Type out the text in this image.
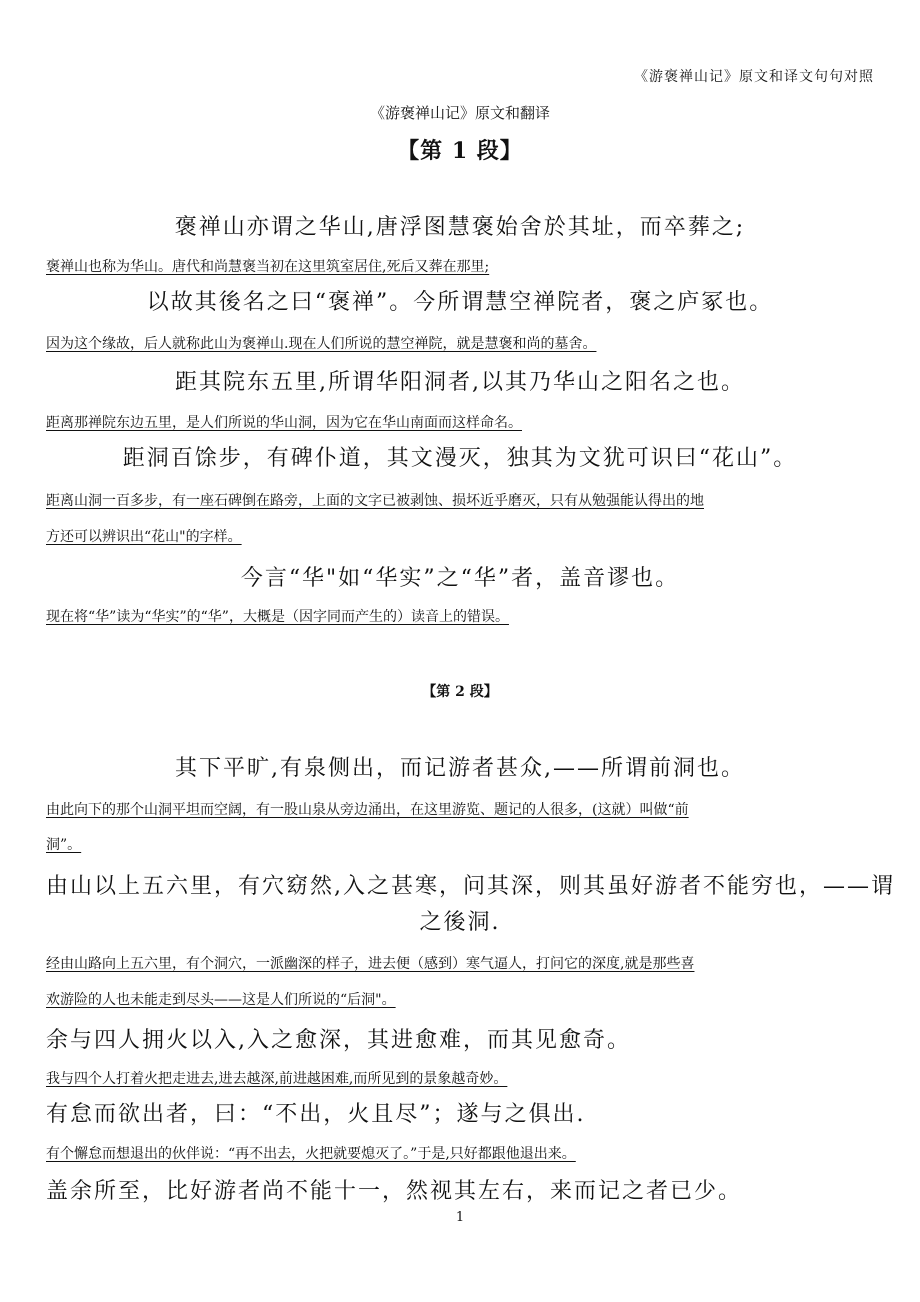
《游褒禅山记》原文和译文句句对照
《游褒禅山记》原文和翻译
【第 1 段】
褒禅山亦谓之华山,唐浮图慧褒始舍於其址，而卒葬之;
褒禅山也称为华山。唐代和尚慧褒当初在这里筑室居住,死后又葬在那里;
以故其後名之曰“褒禅”。今所谓慧空禅院者，褒之庐冢也。
因为这个缘故，后人就称此山为褒禅山.现在人们所说的慧空禅院，就是慧褒和尚的墓舍。
距其院东五里,所谓华阳洞者,以其乃华山之阳名之也。
距离那禅院东边五里，是人们所说的华山洞，因为它在华山南面而这样命名。
距洞百馀步，有碑仆道，其文漫灭，独其为文犹可识曰“花山”。
距离山洞一百多步，有一座石碑倒在路旁，上面的文字已被剥蚀、损坏近乎磨灭，只有从勉强能认得出的地
方还可以辨识出“花山"的字样。
今言“华"如“华实”之“华”者，盖音谬也。
现在将“华”读为“华实”的“华”，大概是（因字同而产生的）读音上的错误。
【第 2 段】
其下平旷,有泉侧出，而记游者甚众,——所谓前洞也。
由此向下的那个山洞平坦而空阔，有一股山泉从旁边涌出，在这里游览、题记的人很多，(这就）叫做“前
洞”。
由山以上五六里，有穴窈然,入之甚寒，问其深，则其虽好游者不能穷也，——谓
之後洞.
经由山路向上五六里，有个洞穴，一派幽深的样子，进去便（感到）寒气逼人，打问它的深度,就是那些喜
欢游险的人也未能走到尽头——这是人们所说的“后洞"。
余与四人拥火以入,入之愈深，其进愈难，而其见愈奇。
我与四个人打着火把走进去,进去越深,前进越困难,而所见到的景象越奇妙。
有怠而欲出者，曰：“不出，火且尽”；遂与之俱出.
有个懈怠而想退出的伙伴说：“再不出去，火把就要熄灭了。”于是,只好都跟他退出来。
盖余所至，比好游者尚不能十一，然视其左右，来而记之者已少。
1
